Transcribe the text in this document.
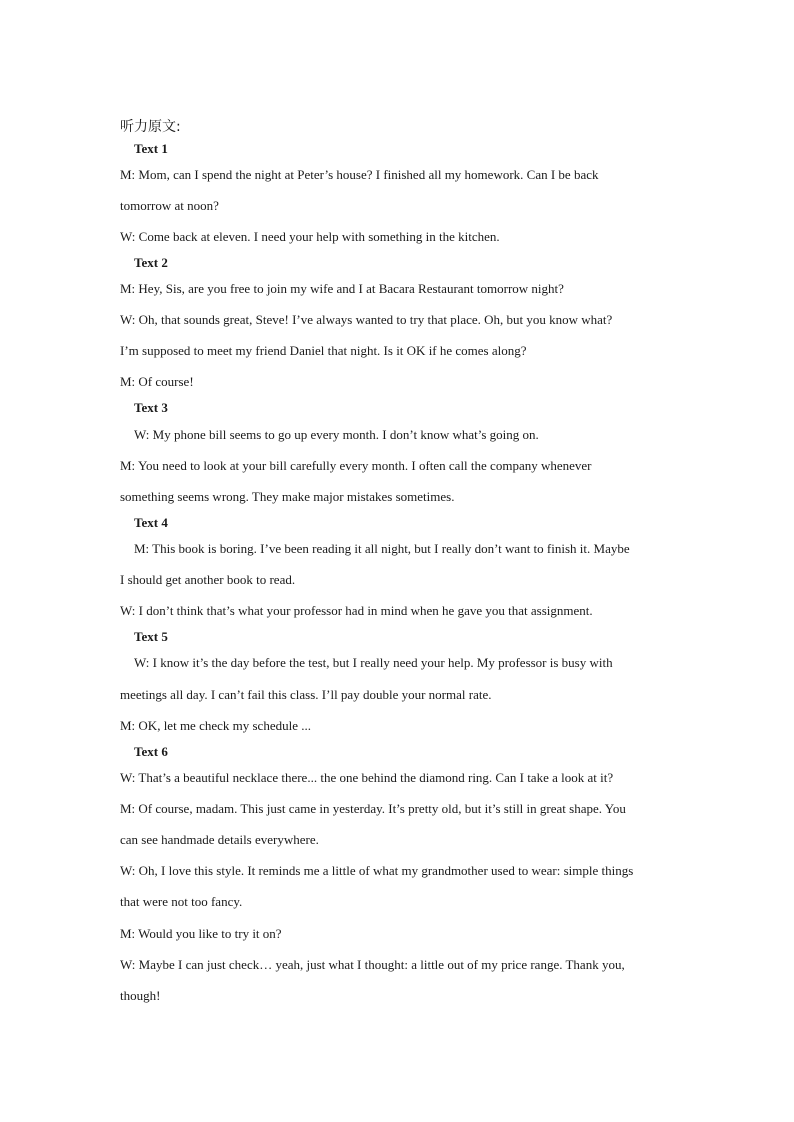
听力原文:
Text 1
M: Mom, can I spend the night at Peter’s house? I finished all my homework. Can I be back
tomorrow at noon?
W: Come back at eleven. I need your help with something in the kitchen.
Text 2
M: Hey, Sis, are you free to join my wife and I at Bacara Restaurant tomorrow night?
W: Oh, that sounds great, Steve! I’ve always wanted to try that place. Oh, but you know what?
I’m supposed to meet my friend Daniel that night. Is it OK if he comes along?
M: Of course!
Text 3
W: My phone bill seems to go up every month. I don’t know what’s going on.
M: You need to look at your bill carefully every month. I often call the company whenever
something seems wrong. They make major mistakes sometimes.
Text 4
M: This book is boring. I’ve been reading it all night, but I really don’t want to finish it. Maybe
I should get another book to read.
W: I don’t think that’s what your professor had in mind when he gave you that assignment.
Text 5
W: I know it’s the day before the test, but I really need your help. My professor is busy with
meetings all day. I can’t fail this class. I’ll pay double your normal rate.
M: OK, let me check my schedule ...
Text 6
W: That’s a beautiful necklace there... the one behind the diamond ring. Can I take a look at it?
M: Of course, madam. This just came in yesterday. It’s pretty old, but it’s still in great shape. You
can see handmade details everywhere.
W: Oh, I love this style. It reminds me a little of what my grandmother used to wear: simple things
that were not too fancy.
M: Would you like to try it on?
W: Maybe I can just check… yeah, just what I thought: a little out of my price range. Thank you,
though!
